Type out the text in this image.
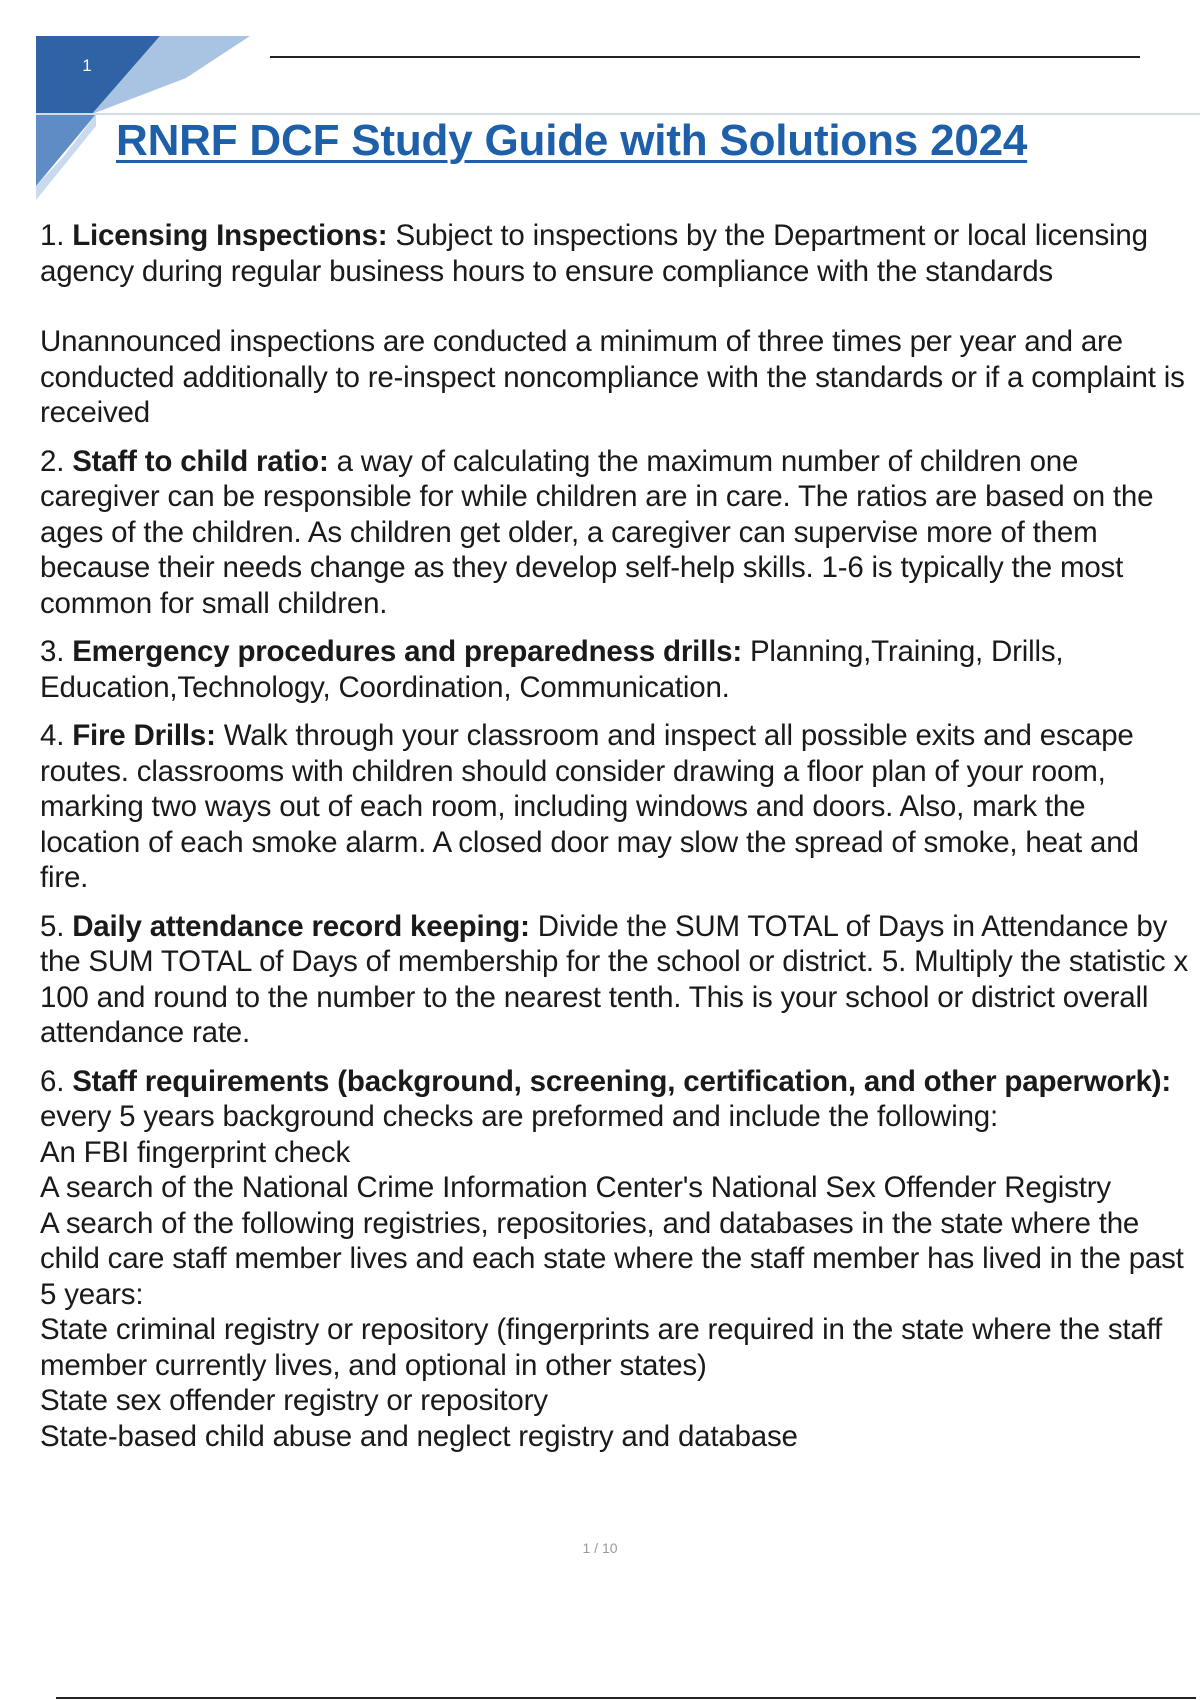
1
RNRF DCF Study Guide with Solutions 2024

1. Licensing Inspections: Subject to inspections by the Department or local licensing agency during regular business hours to ensure compliance with the standards

Unannounced inspections are conducted a minimum of three times per year and are conducted additionally to re-inspect noncompliance with the standards or if a complaint is received

2. Staff to child ratio: a way of calculating the maximum number of children one caregiver can be responsible for while children are in care. The ratios are based on the ages of the children. As children get older, a caregiver can supervise more of them because their needs change as they develop self-help skills. 1-6 is typically the most common for small children.

3. Emergency procedures and preparedness drills: Planning,Training, Drills, Education,Technology, Coordination, Communication.

4. Fire Drills: Walk through your classroom and inspect all possible exits and escape routes. classrooms with children should consider drawing a floor plan of your room, marking two ways out of each room, including windows and doors. Also, mark the location of each smoke alarm. A closed door may slow the spread of smoke, heat and fire.

5. Daily attendance record keeping: Divide the SUM TOTAL of Days in Attendance by the SUM TOTAL of Days of membership for the school or district. 5. Multiply the statistic x 100 and round to the number to the nearest tenth. This is your school or district overall attendance rate.

6. Staff requirements (background, screening, certification, and other paperwork): every 5 years background checks are preformed and include the following:

An FBI fingerprint check

A search of the National Crime Information Center's National Sex Offender Registry

A search of the following registries, repositories, and databases in the state where the child care staff member lives and each state where the staff member has lived in the past 5 years:

State criminal registry or repository (fingerprints are required in the state where the staff member currently lives, and optional in other states)

State sex offender registry or repository

State-based child abuse and neglect registry and database

1 / 10
